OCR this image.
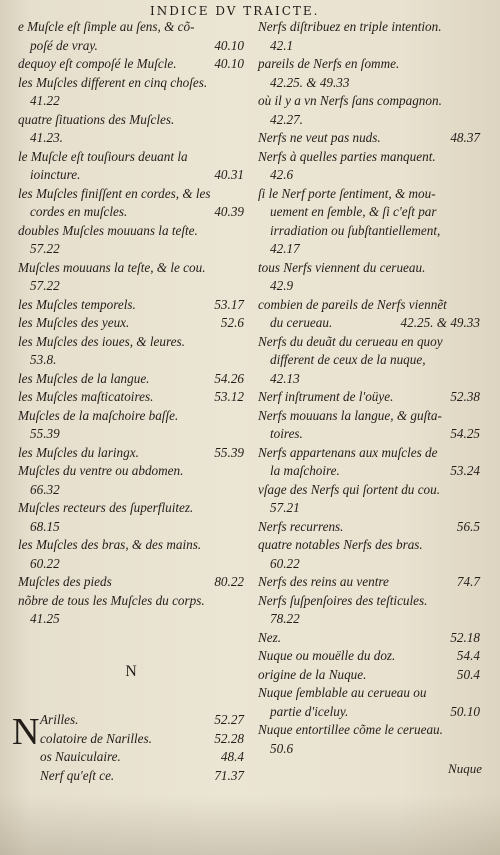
INDICE DV TRAICTE.
e Muſcle eſt ſimple au ſens, & cõ-
poſé de vray.	40.10
dequoy eſt compoſé le Muſcle.	40.10
les Muſcles different en cinq choſes.
41.22
quatre ſituations des Muſcles.
41.23.
le Muſcle eſt touſiours deuant la
ioincture.	40.31
les Muſcles finiſſent en cordes, & les
cordes en muſcles.	40.39
doubles Muſcles mouuans la teſte.
57.22
Muſcles mouuans la teſte, & le cou.
57.22
les Muſcles temporels.	53.17
les Muſcles des yeux.	52.6
les Muſcles des ioues, & leures.
53.8.
les Muſcles de la langue.	54.26
les Muſcles maſticatoires.	53.12
Muſcles de la maſchoire baſſe.
55.39
les Muſcles du laringx.	55.39
Muſcles du ventre ou abdomen.
66.32
Muſcles recteurs des ſuperfluitez.
68.15
les Muſcles des bras, & des mains.
60.22
Muſcles des pieds	80.22
nõbre de tous les Muſcles du corps.
41.25
N
N Arilles.	52.27
colatoire de Narilles.	52.28
os Nauiculaire.	48.4
Nerf qu'eſt ce.	71.37
Nerfs diſtribuez en triple intention.
42.1
pareils de Nerfs en ſomme.
42.25. & 49.33
où il y a vn Nerfs ſans compagnon.
42.27.
Nerfs ne veut pas nuds.	48.37
Nerfs à quelles parties manquent.
42.6
ſi le Nerf porte ſentiment, & mou-
uement en ſemble, & ſi c'eſt par
irradiation ou ſubſtantiellement,
42.17
tous Nerfs viennent du cerueau.
42.9
combien de pareils de Nerfs viennẽt
du cerueau.	42.25. & 49.33
Nerfs du deuãt du cerueau en quoy
different de ceux de la nuque,
42.13
Nerf inſtrument de l'oüye.	52.38
Nerfs mouuans la langue, & guſta-
toires.	54.25
Nerfs appartenans aux muſcles de
la maſchoire.	53.24
vſage des Nerfs qui ſortent du cou.
57.21
Nerfs recurrens.	56.5
quatre notables Nerfs des bras.
60.22
Nerfs des reins au ventre	74.7
Nerfs ſuſpenſoires des teſticules.
78.22
Nez.	52.18
Nuque ou mouëlle du doz.	54.4
origine de la Nuque.	50.4
Nuque ſemblable au cerueau ou
partie d'iceluy.	50.10
Nuque entortillee cõme le cerueau.
50.6
Nuque
